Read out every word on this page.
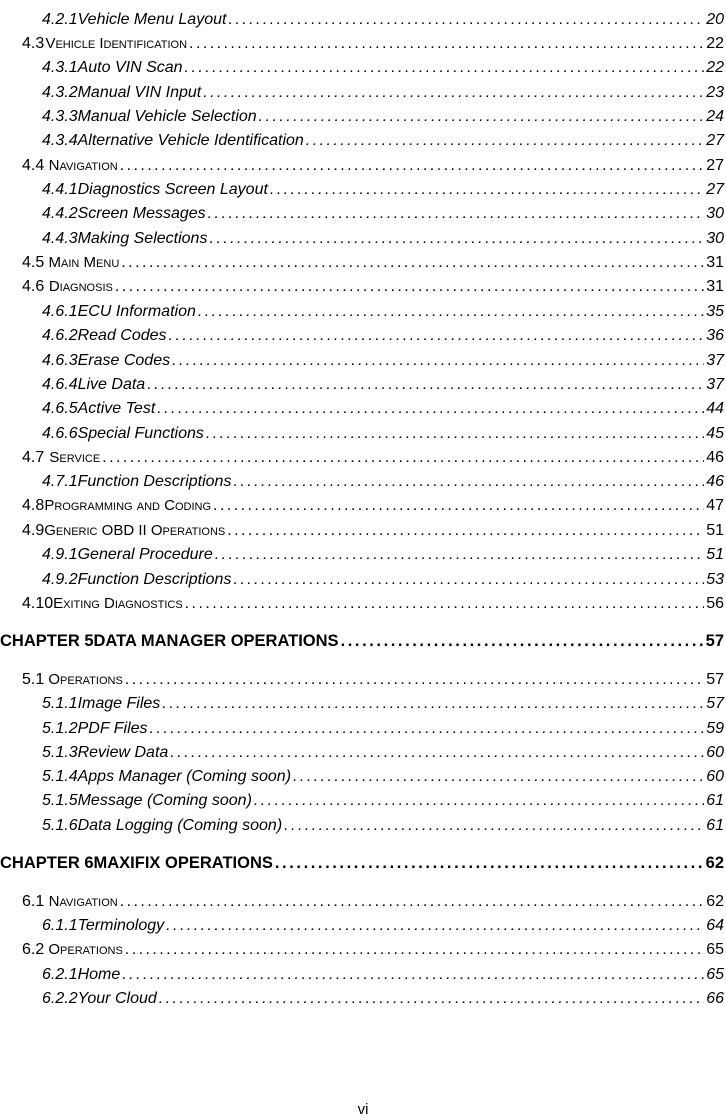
4.2.1 Vehicle Menu Layout . . .	20
4.3 Vehicle Identification . . .	22
4.3.1 Auto VIN Scan . . .	22
4.3.2 Manual VIN Input . . .	23
4.3.3 Manual Vehicle Selection . . .	24
4.3.4 Alternative Vehicle Identification . . .	27
4.4 Navigation . . .	27
4.4.1 Diagnostics Screen Layout . . .	27
4.4.2 Screen Messages . . .	30
4.4.3 Making Selections . . .	30
4.5 Main Menu . . .	31
4.6 Diagnosis . . .	31
4.6.1 ECU Information . . .	35
4.6.2 Read Codes . . .	36
4.6.3 Erase Codes . . .	37
4.6.4 Live Data . . .	37
4.6.5 Active Test . . .	44
4.6.6 Special Functions . . .	45
4.7 Service . . .	46
4.7.1 Function Descriptions . . .	46
4.8 Programming and Coding . . .	47
4.9 Generic OBD II Operations . . .	51
4.9.1 General Procedure . . .	51
4.9.2 Function Descriptions . . .	53
4.10 Exiting Diagnostics . . .	56
CHAPTER 5 DATA MANAGER OPERATIONS . . .	57
5.1 Operations . . .	57
5.1.1 Image Files . . .	57
5.1.2 PDF Files . . .	59
5.1.3 Review Data . . .	60
5.1.4 Apps Manager (Coming soon) . . .	60
5.1.5 Message (Coming soon) . . .	61
5.1.6 Data Logging (Coming soon) . . .	61
CHAPTER 6 MAXIFIX OPERATIONS . . .	62
6.1 Navigation . . .	62
6.1.1 Terminology . . .	64
6.2 Operations . . .	65
6.2.1 Home . . .	65
6.2.2 Your Cloud . . .	66
vi
